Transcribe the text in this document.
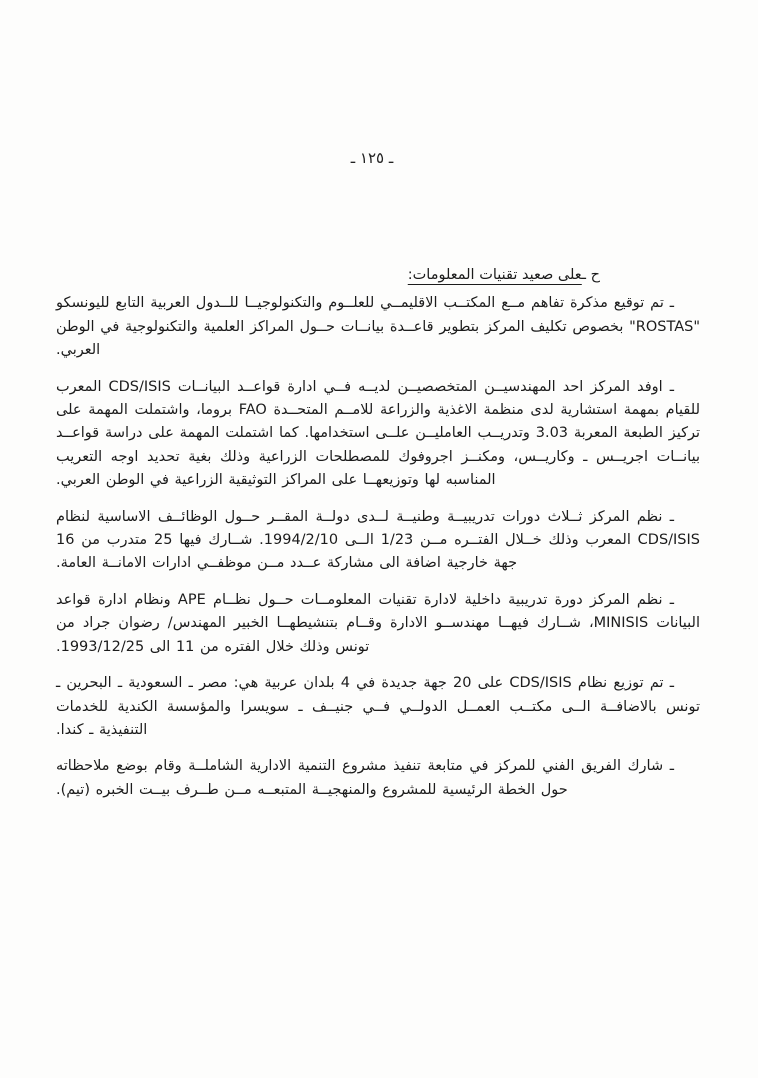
ـ ١٢٥ ـ
ح ـعلى صعيد تقنيات المعلومات:

ـ تم توقيع مذكرة تفاهم مــع المكتــب الاقليمــي للعلــوم والتكنولوجيــا للــدول العربية التابع لليونسكو "ROSTAS" بخصوص تكليف المركز بتطوير قاعــدة بيانــات حــول المراكز العلمية والتكنولوجية في الوطن العربي.

ـ اوفد المركز احد المهندسيــن المتخصصيــن لديــه فــي ادارة قواعــد البيانــات CDS/ISIS المعرب للقيام بمهمة استشارية لدى منظمة الاغذية والزراعة للامــم المتحــدة FAO بروما، واشتملت المهمة على تركيز الطبعة المعربة 3.03 وتدريــب العامليــن علــى استخدامها. كما اشتملت المهمة على دراسة قواعــد بيانــات اجريــس ـ وكاريــس، ومكنــز اجروفوك للمصطلحات الزراعية وذلك بغية تحديد اوجه التعريب المناسبه لها وتوزيعهــا على المراكز التوثيقية الزراعية في الوطن العربي.

ـ نظم المركز ثــلاث دورات تدريبيــة وطنيــة لــدى دولــة المقــر حــول الوظائــف الاساسية لنظام CDS/ISIS المعرب وذلك خــلال الفتــره مــن 1/23 الــى 1994/2/10. شــارك فيها 25 متدرب من 16 جهة خارجية اضافة الى مشاركة عــدد مــن موظفــي ادارات الامانــة العامة.

ـ نظم المركز دورة تدريبية داخلية لادارة تقنيات المعلومــات حــول نظــام APE ونظام ادارة قواعد البيانات MINISIS، شــارك فيهــا مهندســو الادارة وقــام بتنشيطهــا الخبير المهندس/ رضوان جراد من تونس وذلك خلال الفتره من 11 الى 1993/12/25.

ـ تم توزيع نظام CDS/ISIS على 20 جهة جديدة في 4 بلدان عربية هي: مصر ـ السعودية ـ البحرين ـ تونس بالاضافــة الــى مكتــب العمــل الدولــي فــي جنيــف ـ سويسرا والمؤسسة الكندية للخدمات التنفيذية ـ كندا.

ـ شارك الفريق الفني للمركز في متابعة تنفيذ مشروع التنمية الادارية الشاملــة وقام بوضع ملاحظاته حول الخطة الرئيسية للمشروع والمنهجيــة المتبعــه مــن طــرف بيــت الخبره (تيم).
